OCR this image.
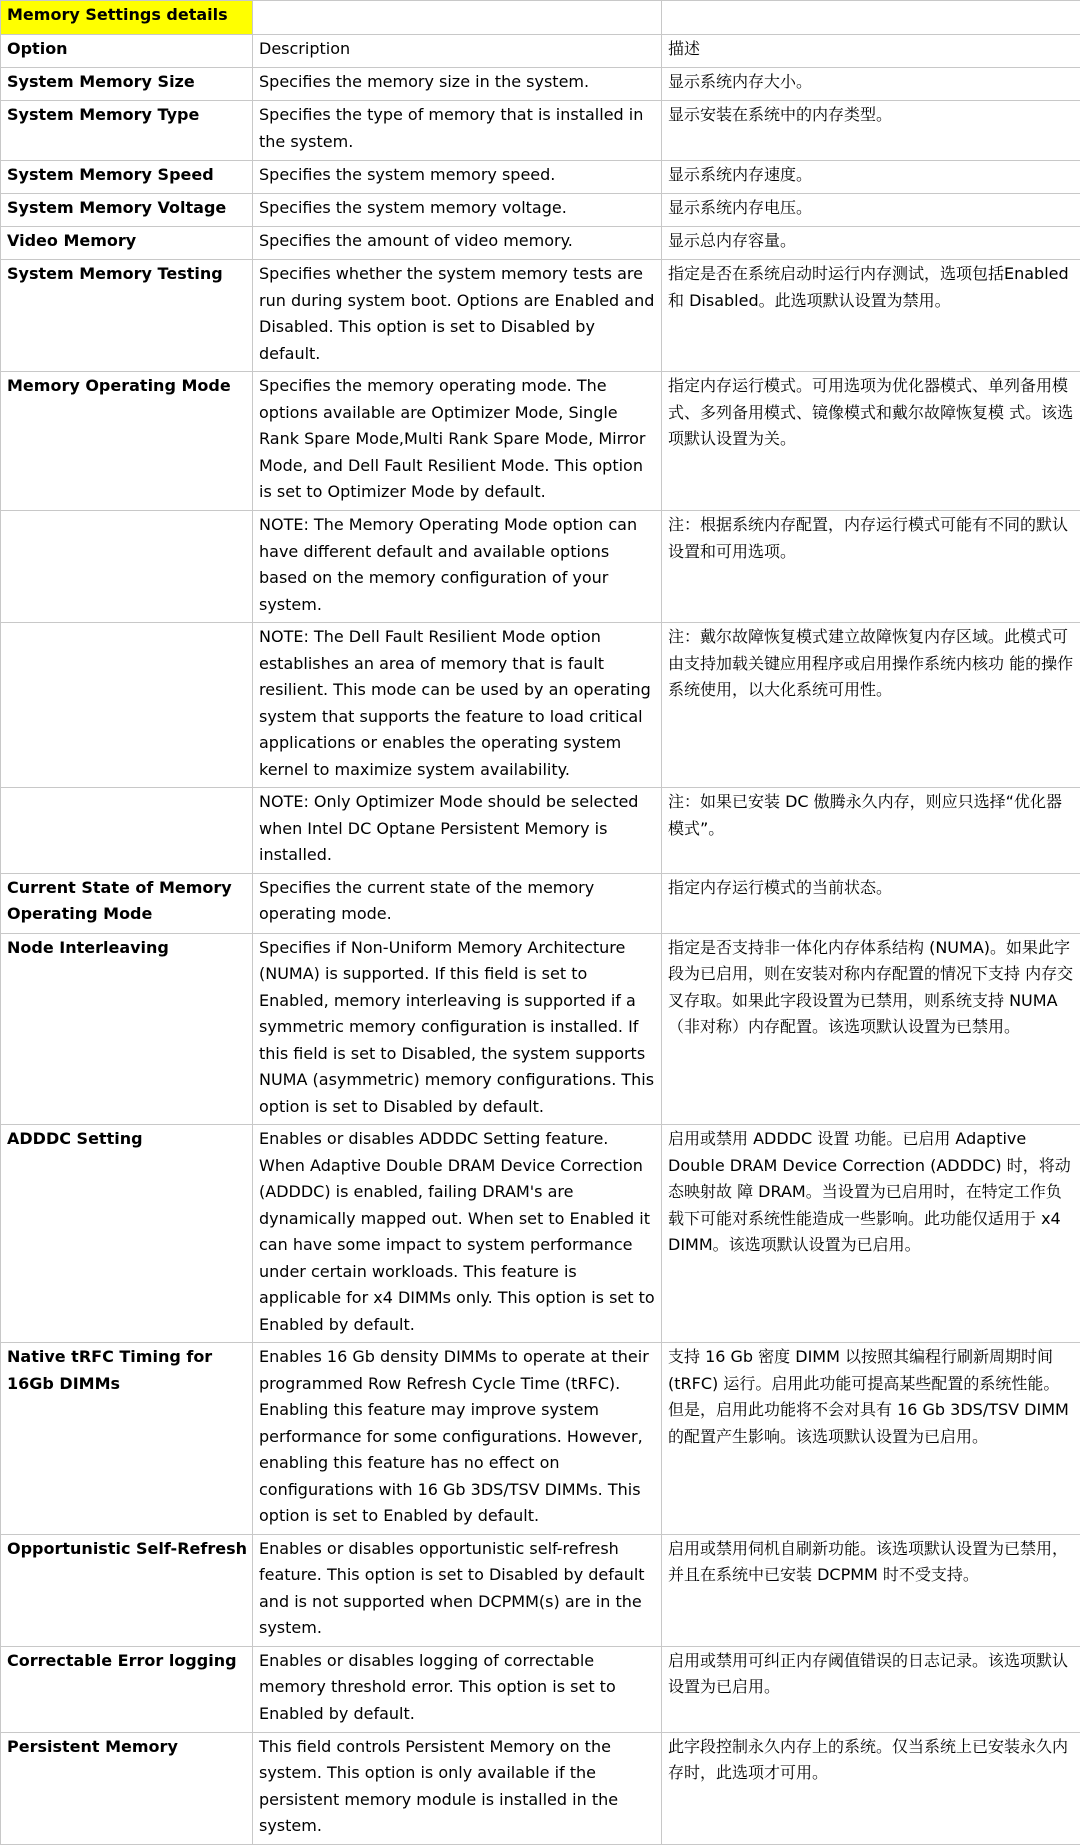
Memory Settings details		
Option	Description	描述
System Memory Size	Specifies the memory size in the system.	显示系统内存大小。
System Memory Type	Specifies the type of memory that is installed in the system.	显示安装在系统中的内存类型。
System Memory Speed	Specifies the system memory speed.	显示系统内存速度。
System Memory Voltage	Specifies the system memory voltage.	显示系统内存电压。
Video Memory	Specifies the amount of video memory.	显示总内存容量。
System Memory Testing	Specifies whether the system memory tests are run during system boot. Options are Enabled and Disabled. This option is set to Disabled by default.	指定是否在系统启动时运行内存测试，选项包括Enabled和 Disabled。此选项默认设置为禁用。
Memory Operating Mode	Specifies the memory operating mode. The options available are Optimizer Mode, Single Rank Spare Mode,Multi Rank Spare Mode, Mirror Mode, and Dell Fault Resilient Mode. This option is set to Optimizer Mode by default.	指定内存运行模式。可用选项为优化器模式、单列备用模式、多列备用模式、镜像模式和戴尔故障恢复模 式。该选项默认设置为关。
	NOTE: The Memory Operating Mode option can have different default and available options based on the memory configuration of your system.	注：根据系统内存配置，内存运行模式可能有不同的默认设置和可用选项。
	NOTE: The Dell Fault Resilient Mode option establishes an area of memory that is fault resilient. This mode can be used by an operating system that supports the feature to load critical applications or enables the operating system kernel to maximize system availability.	注：戴尔故障恢复模式建立故障恢复内存区域。此模式可由支持加载关键应用程序或启用操作系统内核功 能的操作系统使用，以大化系统可用性。
	NOTE: Only Optimizer Mode should be selected when Intel DC Optane Persistent Memory is installed.	注：如果已安装 DC 傲腾永久内存，则应只选择“优化器模式”。
Current State of Memory Operating Mode	Specifies the current state of the memory operating mode.	指定内存运行模式的当前状态。
Node Interleaving	Specifies if Non-Uniform Memory Architecture (NUMA) is supported. If this field is set to Enabled, memory interleaving is supported if a symmetric memory configuration is installed. If this field is set to Disabled, the system supports NUMA (asymmetric) memory configurations. This option is set to Disabled by default.	指定是否支持非一体化内存体系结构 (NUMA)。如果此字段为已启用，则在安装对称内存配置的情况下支持 内存交叉存取。如果此字段设置为已禁用，则系统支持 NUMA（非对称）内存配置。该选项默认设置为已禁用。
ADDDC Setting	Enables or disables ADDDC Setting feature. When Adaptive Double DRAM Device Correction (ADDDC) is enabled, failing DRAM's are dynamically mapped out. When set to Enabled it can have some impact to system performance under certain workloads. This feature is applicable for x4 DIMMs only. This option is set to Enabled by default.	启用或禁用 ADDDC 设置 功能。已启用 Adaptive Double DRAM Device Correction (ADDDC) 时，将动态映射故 障 DRAM。当设置为已启用时，在特定工作负载下可能对系统性能造成一些影响。此功能仅适用于 x4 DIMM。该选项默认设置为已启用。
Native tRFC Timing for 16Gb DIMMs	Enables 16 Gb density DIMMs to operate at their programmed Row Refresh Cycle Time (tRFC). Enabling this feature may improve system performance for some configurations. However, enabling this feature has no effect on configurations with 16 Gb 3DS/TSV DIMMs. This option is set to Enabled by default.	支持 16 Gb 密度 DIMM 以按照其编程行刷新周期时间 (tRFC) 运行。启用此功能可提高某些配置的系统性能。 但是，启用此功能将不会对具有 16 Gb 3DS/TSV DIMM 的配置产生影响。该选项默认设置为已启用。
Opportunistic Self-Refresh	Enables or disables opportunistic self-refresh feature. This option is set to Disabled by default and is not supported when DCPMM(s) are in the system.	启用或禁用伺机自刷新功能。该选项默认设置为已禁用，并且在系统中已安装 DCPMM 时不受支持。
Correctable Error logging	Enables or disables logging of correctable memory threshold error. This option is set to Enabled by default.	启用或禁用可纠正内存阈值错误的日志记录。该选项默认设置为已启用。
Persistent Memory	This field controls Persistent Memory on the system. This option is only available if the persistent memory module is installed in the system.	此字段控制永久内存上的系统。仅当系统上已安装永久内存时，此选项才可用。
